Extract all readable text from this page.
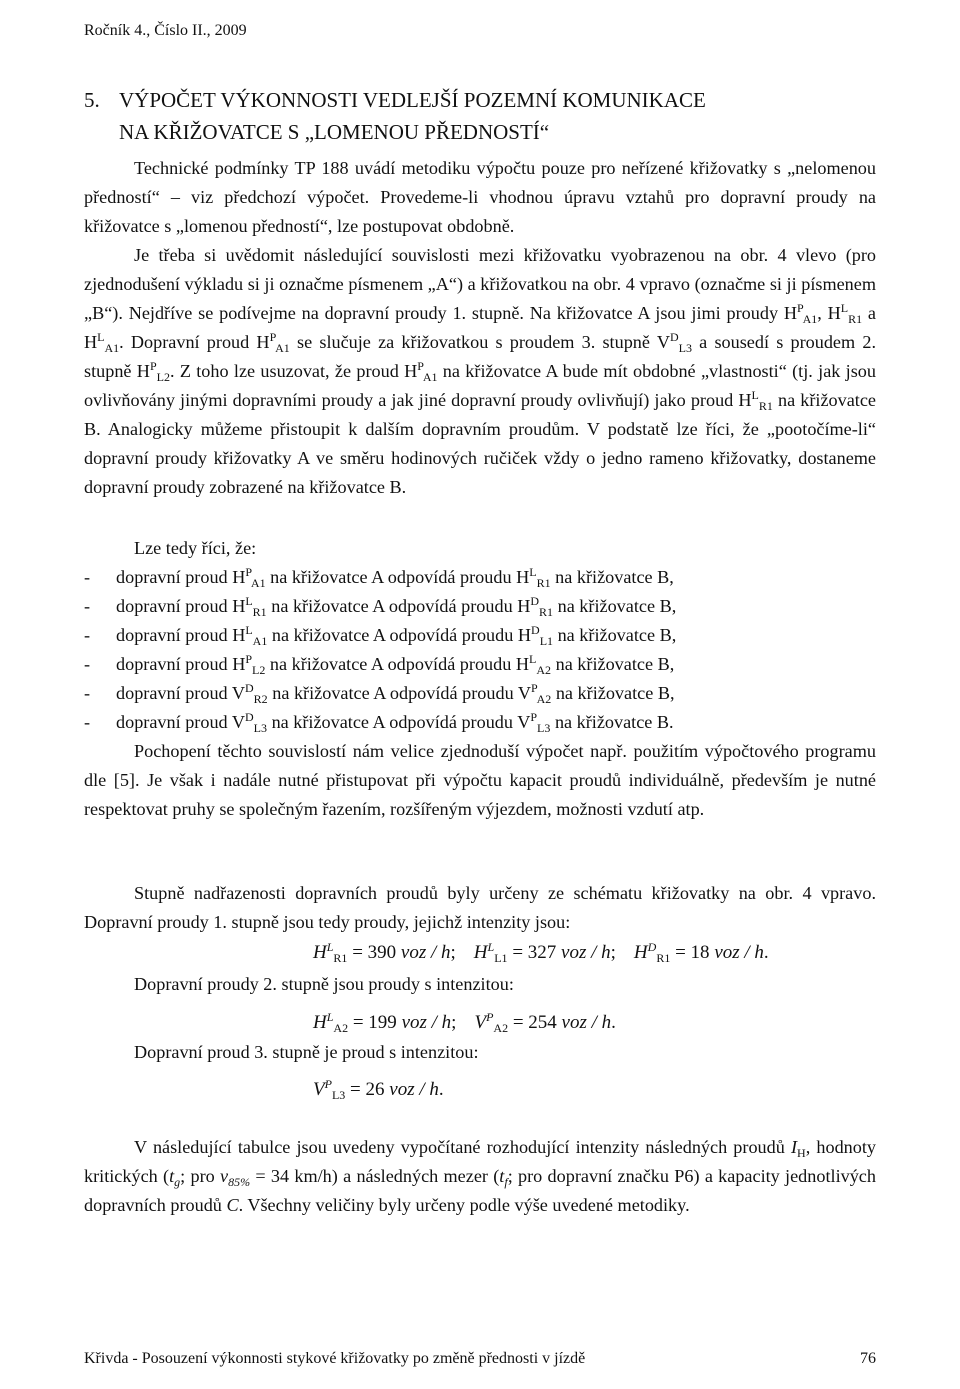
Ročník 4., Číslo II., 2009
5. VÝPOČET VÝKONNOSTI VEDLEJŠÍ POZEMNÍ KOMUNIKACE
NA KŘIŽOVATCE S „LOMENOU PŘEDNOSTÍ“
Technické podmínky TP 188 uvádí metodiku výpočtu pouze pro neřízené křižovatky s „nelomenou předností“ – viz předchozí výpočet. Provedeme-li vhodnou úpravu vztahů pro dopravní proudy na křižovatce s „lomenou předností“, lze postupovat obdobně.
Je třeba si uvědomit následující souvislosti mezi křižovatku vyobrazenou na obr. 4 vlevo (pro zjednodušení výkladu si ji označme písmenem „A“) a křižovatkou na obr. 4 vpravo (označme si ji písmenem „B“). Nejdříve se podívejme na dopravní proudy 1. stupně. Na křižovatce A jsou jimi proudy $H^P_{A1}$, $H^L_{R1}$ a $H^L_{A1}$. Dopravní proud $H^P_{A1}$ se slučuje za křižovatkou s proudem 3. stupně $V^D_{L3}$ a sousedí s proudem 2. stupně $H^P_{L2}$. Z toho lze usuzovat, že proud $H^P_{A1}$ na křižovatce A bude mít obdobné „vlastnosti“ (tj. jak jsou ovlivňovány jinými dopravními proudy a jak jiné dopravní proudy ovlivňují) jako proud $H^L_{R1}$ na křižovatce B. Analogicky můžeme přistoupit k dalším dopravním proudům. V podstatě lze říci, že „pootočíme-li“ dopravní proudy křižovatky A ve směru hodinových ručiček vždy o jedno rameno křižovatky, dostaneme dopravní proudy zobrazené na křižovatce B.

Lze tedy říci, že:

-	dopravní proud $H^P_{A1}$ na křižovatce A odpovídá proudu $H^L_{R1}$ na křižovatce B,
-	dopravní proud $H^L_{R1}$ na křižovatce A odpovídá proudu $H^D_{R1}$ na křižovatce B,
-	dopravní proud $H^L_{A1}$ na křižovatce A odpovídá proudu $H^D_{L1}$ na křižovatce B,
-	dopravní proud $H^P_{L2}$ na křižovatce A odpovídá proudu $H^L_{A2}$ na křižovatce B,
-	dopravní proud $V^D_{R2}$ na křižovatce A odpovídá proudu $V^P_{A2}$ na křižovatce B,
-	dopravní proud $V^D_{L3}$ na křižovatce A odpovídá proudu $V^P_{L3}$ na křižovatce B.

Pochopení těchto souvislostí nám velice zjednoduší výpočet např. použitím výpočtového programu dle [5]. Je však i nadále nutné přistupovat při výpočtu kapacit proudů individuálně, především je nutné respektovat pruhy se společným řazením, rozšířeným výjezdem, možnosti vzdutí atp.

Stupně nadřazenosti dopravních proudů byly určeny ze schématu křižovatky na obr. 4 vpravo. Dopravní proudy 1. stupně jsou tedy proudy, jejichž intenzity jsou:
$H^L_{R1} = 390$ voz / h; $H^L_{L1} = 327$ voz / h; $H^D_{R1} = 18$ voz / h.
Dopravní proudy 2. stupně jsou proudy s intenzitou:
$H^L_{A2} = 199$ voz / h; $V^P_{A2} = 254$ voz / h.
Dopravní proud 3. stupně je proud s intenzitou:
$V^P_{L3} = 26$ voz / h.
V následující tabulce jsou uvedeny vypočítané rozhodující intenzity následných proudů $I_H$, hodnoty kritických ($t_g$; pro $v_{85\%} = 34$ km/h) a následných mezer ($t_f$; pro dopravní značku P6) a kapacity jednotlivých dopravních proudů C. Všechny veličiny byly určeny podle výše uvedené metodiky.
Křivda - Posouzení výkonnosti stykové křižovatky po změně přednosti v jízdě	76
